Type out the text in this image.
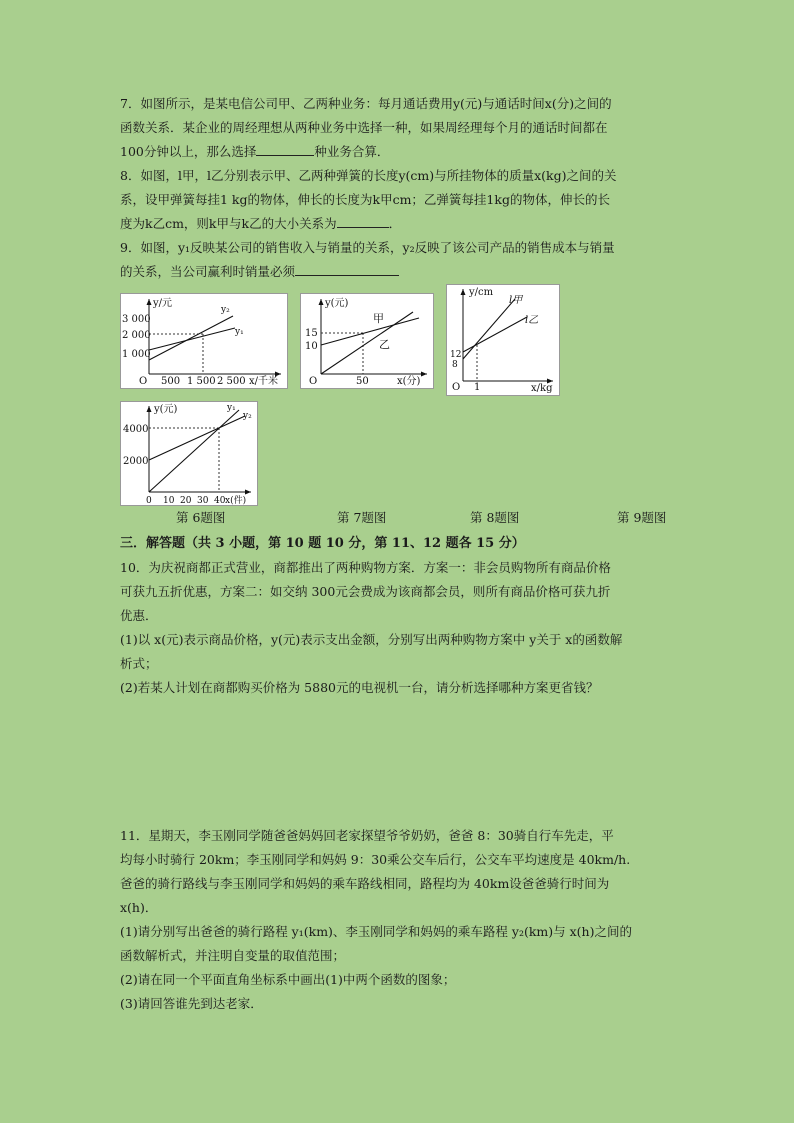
7．如图所示，是某电信公司甲、乙两种业务：每月通话费用y(元)与通话时间x(分)之间的
函数关系．某企业的周经理想从两种业务中选择一种，如果周经理每个月的通话时间都在
100分钟以上，那么选择	种业务合算．
8．如图，l甲，l乙分别表示甲、乙两种弹簧的长度y(cm)与所挂物体的质量x(kg)之间的关
系，设甲弹簧每挂1 kg的物体，伸长的长度为k甲cm；乙弹簧每挂1kg的物体，伸长的长
度为k乙cm，则k甲与k乙的大小关系为	．
9．如图，y₁反映某公司的销售收入与销量的关系，y₂反映了该公司产品的销售成本与销量
的关系，当公司赢利时销量必须
y/元
y₂
y₁
3 000
2 000
1 000
O 500 1 500 2 500 x/千米
y(元)
甲
乙
15
10
O	50	x(分)
y/cm
l甲
l乙
12
8
O 1	x/kg
y(元)	y₁
y₂
4000
2000
0 10 20 30 40 x(件)
第 6题图	第 7题图	第 8题图	第 9题图
三．解答题（共 3 小题，第 10 题 10 分，第 11、12 题各 15 分）
10．为庆祝商都正式营业，商都推出了两种购物方案．方案一：非会员购物所有商品价格
可获九五折优惠，方案二：如交纳 300元会费成为该商都会员，则所有商品价格可获九折
优惠．
(1)以 x(元)表示商品价格，y(元)表示支出金额，分别写出两种购物方案中 y关于 x的函数解
析式；
(2)若某人计划在商都购买价格为 5880元的电视机一台，请分析选择哪种方案更省钱？
11．星期天，李玉刚同学随爸爸妈妈回老家探望爷爷奶奶，爸爸 8：30骑自行车先走，平
均每小时骑行 20km；李玉刚同学和妈妈 9：30乘公交车后行，公交车平均速度是 40km/h.
爸爸的骑行路线与李玉刚同学和妈妈的乘车路线相同，路程均为 40km设爸爸骑行时间为
x(h)．
(1)请分别写出爸爸的骑行路程 y₁(km)、李玉刚同学和妈妈的乘车路程 y₂(km)与 x(h)之间的
函数解析式，并注明自变量的取值范围；
(2)请在同一个平面直角坐标系中画出(1)中两个函数的图象；
(3)请回答谁先到达老家．
